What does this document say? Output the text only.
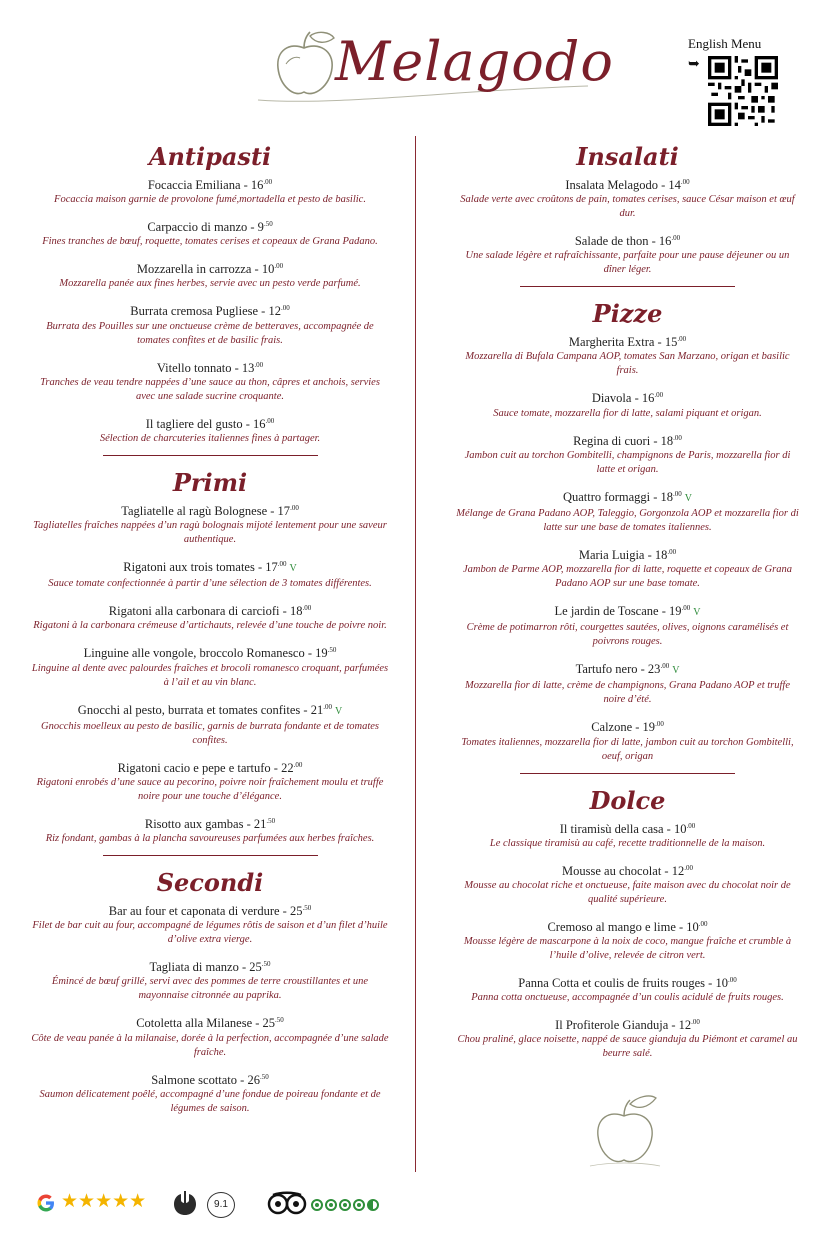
Melagodo	English Menu
➥
Antipasti
Focaccia Emiliana - $16^{.00}$
Focaccia maison garnie de provolone fumé,mortadella et pesto de basilic.
Carpaccio di manzo - $9^{.50}$
Fines tranches de bœuf, roquette, tomates cerises et copeaux de Grana Padano.
Mozzarella in carrozza - $10^{.00}$
Mozzarella panée aux fines herbes, servie avec un pesto verde parfumé.
Burrata cremosa Pugliese - $12^{.00}$
Burrata des Pouilles sur une onctueuse crème de betteraves, accompagnée de tomates confites et de basilic frais.
Vitello tonnato - $13^{.00}$
Tranches de veau tendre nappées d’une sauce au thon, câpres et anchois, servies avec une salade sucrine croquante.
Il tagliere del gusto - $16^{.00}$
Sélection de charcuteries italiennes fines à partager.
Primi
Tagliatelle al ragù Bolognese - $17^{.00}$
Tagliatelles fraîches nappées d’un ragù bolognais mijoté lentement pour une saveur authentique.
Rigatoni aux trois tomates - $17^{.00}$ V
Sauce tomate confectionnée à partir d’une sélection de 3 tomates différentes.
Rigatoni alla carbonara di carciofi - $18^{.00}$
Rigatoni à la carbonara crémeuse d’artichauts, relevée d’une touche de poivre noir.
Linguine alle vongole, broccolo Romanesco - $19^{.50}$
Linguine al dente avec palourdes fraîches et brocoli romanesco croquant, parfumées à l’ail et au vin blanc.
Gnocchi al pesto, burrata et tomates confites - $21^{.00}$ V
Gnocchis moelleux au pesto de basilic, garnis de burrata fondante et de tomates confites.
Rigatoni cacio e pepe e tartufo - $22^{.00}$
Rigatoni enrobés d’une sauce au pecorino, poivre noir fraîchement moulu et truffe noire pour une touche d’élégance.
Risotto aux gambas - $21^{.50}$
Riz fondant, gambas à la plancha savoureuses parfumées aux herbes fraîches.
Secondi
Bar au four et caponata di verdure - $25^{.50}$
Filet de bar cuit au four, accompagné de légumes rôtis de saison et d’un filet d’huile d’olive extra vierge.
Tagliata di manzo - $25^{.50}$
Émincé de bœuf grillé, servi avec des pommes de terre croustillantes et une mayonnaise citronnée au paprika.
Cotoletta alla Milanese - $25^{.50}$
Côte de veau panée à la milanaise, dorée à la perfection, accompagnée d’une salade fraîche.
Salmone scottato - $26^{.50}$
Saumon délicatement poêlé, accompagné d’une fondue de poireau fondante et de légumes de saison.
Insalati
Insalata Melagodo - $14^{.00}$
Salade verte avec croûtons de pain, tomates cerises, sauce César maison et œuf dur.
Salade de thon - $16^{.00}$
Une salade légère et rafraîchissante, parfaite pour une pause déjeuner ou un dîner léger.
Pizze
Margherita Extra - $15^{.00}$
Mozzarella di Bufala Campana AOP, tomates San Marzano, origan et basilic frais.
Diavola - $16^{.00}$
Sauce tomate, mozzarella fior di latte, salami piquant et origan.
Regina di cuori - $18^{.00}$
Jambon cuit au torchon Gombitelli, champignons de Paris, mozzarella fior di latte et origan.
Quattro formaggi - $18^{.00}$ V
Mélange de Grana Padano AOP, Taleggio, Gorgonzola AOP et mozzarella fior di latte sur une base de tomates italiennes.
Maria Luigia - $18^{.00}$
Jambon de Parme AOP, mozzarella fior di latte, roquette et copeaux de Grana Padano AOP sur une base tomate.
Le jardin de Toscane - $19^{.00}$ V
Crème de potimarron rôti, courgettes sautées, olives, oignons caramélisés et poivrons rouges.
Tartufo nero - $23^{.00}$ V
Mozzarella fior di latte, crème de champignons, Grana Padano AOP et truffe noire d’été.
Calzone - $19^{.00}$
Tomates italiennes, mozzarella fior di latte, jambon cuit au torchon Gombitelli, oeuf, origan
Dolce
Il tiramisù della casa - $10^{.00}$
Le classique tiramisù au café, recette traditionnelle de la maison.
Mousse au chocolat - $12^{.00}$
Mousse au chocolat riche et onctueuse, faite maison avec du chocolat noir de qualité supérieure.
Cremoso al mango e lime - $10^{.00}$
Mousse légère de mascarpone à la noix de coco, mangue fraîche et crumble à l’huile d’olive, relevée de citron vert.
Panna Cotta et coulis de fruits rouges - $10^{.00}$
Panna cotta onctueuse, accompagnée d’un coulis acidulé de fruits rouges.
Il Profiterole Gianduja - $12^{.00}$
Chou praliné, glace noisette, nappé de sauce gianduja du Piémont et caramel au beurre salé.
★★★★★	9.1
